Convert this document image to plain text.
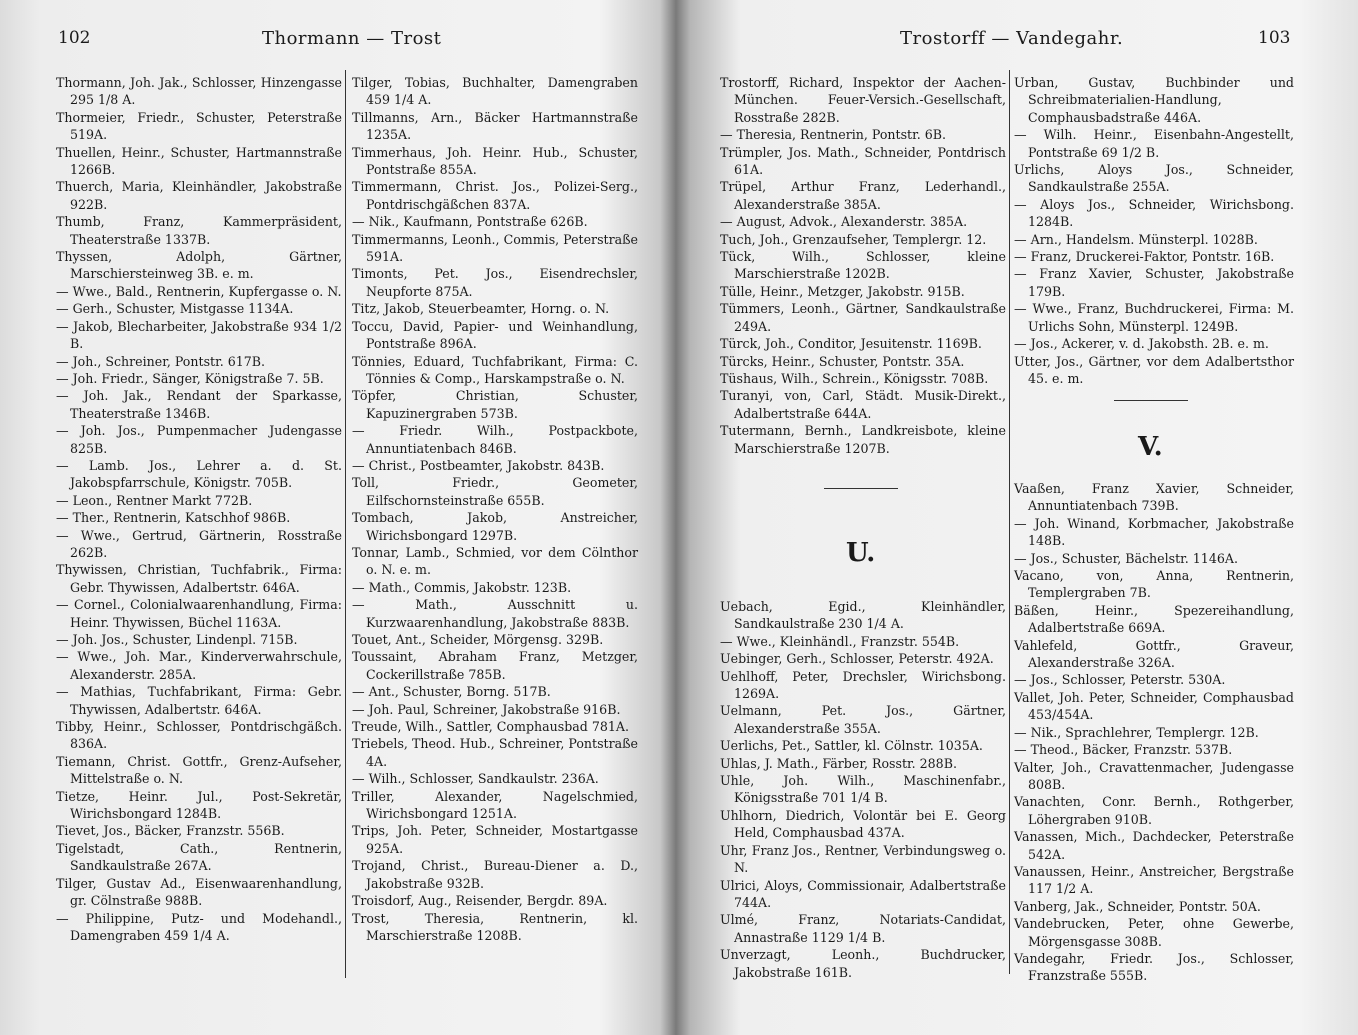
102	Thormann — Trost

Thormann, Joh. Jak., Schlosser, Hinzengasse 295 1/8 A.

Thormeier, Friedr., Schuster, Peterstraße 519A.

Thuellen, Heinr., Schuster, Hartmannstraße 1266B.

Thuerch, Maria, Kleinhändler, Jakobstraße 922B.

Thumb, Franz, Kammerpräsident, Theaterstraße 1337B.

Thyssen, Adolph, Gärtner, Marschiersteinweg 3B. e. m.

— Wwe., Bald., Rentnerin, Kupfergasse o. N.

— Gerh., Schuster, Mistgasse 1134A.

— Jakob, Blecharbeiter, Jakobstraße 934 1/2 B.

— Joh., Schreiner, Pontstr. 617B.

— Joh. Friedr., Sänger, Königstraße 7. 5B.

— Joh. Jak., Rendant der Sparkasse, Theaterstraße 1346B.

— Joh. Jos., Pumpenmacher Judengasse 825B.

— Lamb. Jos., Lehrer a. d. St. Jakobspfarrschule, Königstr. 705B.

— Leon., Rentner Markt 772B.

— Ther., Rentnerin, Katschhof 986B.

— Wwe., Gertrud, Gärtnerin, Rosstraße 262B.

Thywissen, Christian, Tuchfabrik., Firma: Gebr. Thywissen, Adalbertstr. 646A.

— Cornel., Colonialwaarenhandlung, Firma: Heinr. Thywissen, Büchel 1163A.

— Joh. Jos., Schuster, Lindenpl. 715B.

— Wwe., Joh. Mar., Kinderverwahrschule, Alexanderstr. 285A.

— Mathias, Tuchfabrikant, Firma: Gebr. Thywissen, Adalbertstr. 646A.

Tibby, Heinr., Schlosser, Pontdrischgäßch. 836A.

Tiemann, Christ. Gottfr., Grenz-Aufseher, Mittelstraße o. N.

Tietze, Heinr. Jul., Post-Sekretär, Wirichsbongard 1284B.

Tievet, Jos., Bäcker, Franzstr. 556B.

Tigelstadt, Cath., Rentnerin, Sandkaulstraße 267A.

Tilger, Gustav Ad., Eisenwaarenhandlung, gr. Cölnstraße 988B.

— Philippine, Putz- und Modehandl., Damengraben 459 1/4 A.

Tilger, Tobias, Buchhalter, Damengraben 459 1/4 A.

Tillmanns, Arn., Bäcker Hartmannstraße 1235A.

Timmerhaus, Joh. Heinr. Hub., Schuster, Pontstraße 855A.

Timmermann, Christ. Jos., Polizei-Serg., Pontdrischgäßchen 837A.

— Nik., Kaufmann, Pontstraße 626B.

Timmermanns, Leonh., Commis, Peterstraße 591A.

Timonts, Pet. Jos., Eisendrechsler, Neupforte 875A.

Titz, Jakob, Steuerbeamter, Horng. o. N.

Toccu, David, Papier- und Weinhandlung, Pontstraße 896A.

Tönnies, Eduard, Tuchfabrikant, Firma: C. Tönnies & Comp., Harskampstraße o. N.

Töpfer, Christian, Schuster, Kapuzinergraben 573B.

— Friedr. Wilh., Postpackbote, Annuntiatenbach 846B.

— Christ., Postbeamter, Jakobstr. 843B.

Toll, Friedr., Geometer, Eilfschornsteinstraße 655B.

Tombach, Jakob, Anstreicher, Wirichsbongard 1297B.

Tonnar, Lamb., Schmied, vor dem Cölnthor o. N. e. m.

— Math., Commis, Jakobstr. 123B.

— Math., Ausschnitt u. Kurzwaarenhandlung, Jakobstraße 883B.

Touet, Ant., Scheider, Mörgensg. 329B.

Toussaint, Abraham Franz, Metzger, Cockerillstraße 785B.

— Ant., Schuster, Borng. 517B.

— Joh. Paul, Schreiner, Jakobstraße 916B.

Treude, Wilh., Sattler, Comphausbad 781A.

Triebels, Theod. Hub., Schreiner, Pontstraße 4A.

— Wilh., Schlosser, Sandkaulstr. 236A.

Triller, Alexander, Nagelschmied, Wirichsbongard 1251A.

Trips, Joh. Peter, Schneider, Mostartgasse 925A.

Trojand, Christ., Bureau-Diener a. D., Jakobstraße 932B.

Troisdorf, Aug., Reisender, Bergdr. 89A.

Trost, Theresia, Rentnerin, kl. Marschierstraße 1208B.

Trostorff — Vandegahr.	103

Trostorff, Richard, Inspektor der Aachen-München. Feuer-Versich.-Gesellschaft, Rosstraße 282B.

— Theresia, Rentnerin, Pontstr. 6B.

Trümpler, Jos. Math., Schneider, Pontdrisch 61A.

Trüpel, Arthur Franz, Lederhandl., Alexanderstraße 385A.

— August, Advok., Alexanderstr. 385A.

Tuch, Joh., Grenzaufseher, Templergr. 12.

Tück, Wilh., Schlosser, kleine Marschierstraße 1202B.

Tülle, Heinr., Metzger, Jakobstr. 915B.

Tümmers, Leonh., Gärtner, Sandkaulstraße 249A.

Türck, Joh., Conditor, Jesuitenstr. 1169B.

Türcks, Heinr., Schuster, Pontstr. 35A.

Tüshaus, Wilh., Schrein., Königsstr. 708B.

Turanyi, von, Carl, Städt. Musik-Direkt., Adalbertstraße 644A.

Tutermann, Bernh., Landkreisbote, kleine Marschierstraße 1207B.

U.

Uebach, Egid., Kleinhändler, Sandkaulstraße 230 1/4 A.

— Wwe., Kleinhändl., Franzstr. 554B.

Uebinger, Gerh., Schlosser, Peterstr. 492A.

Uehlhoff, Peter, Drechsler, Wirichsbong. 1269A.

Uelmann, Pet. Jos., Gärtner, Alexanderstraße 355A.

Uerlichs, Pet., Sattler, kl. Cölnstr. 1035A.

Uhlas, J. Math., Färber, Rosstr. 288B.

Uhle, Joh. Wilh., Maschinenfabr., Königsstraße 701 1/4 B.

Uhlhorn, Diedrich, Volontär bei E. Georg Held, Comphausbad 437A.

Uhr, Franz Jos., Rentner, Verbindungsweg o. N.

Ulrici, Aloys, Commissionair, Adalbertstraße 744A.

Ulmé, Franz, Notariats-Candidat, Annastraße 1129 1/4 B.

Unverzagt, Leonh., Buchdrucker, Jakobstraße 161B.

Urban, Gustav, Buchbinder und Schreibmaterialien-Handlung, Comphausbadstraße 446A.

— Wilh. Heinr., Eisenbahn-Angestellt, Pontstraße 69 1/2 B.

Urlichs, Aloys Jos., Schneider, Sandkaulstraße 255A.

— Aloys Jos., Schneider, Wirichsbong. 1284B.

— Arn., Handelsm. Münsterpl. 1028B.

— Franz, Druckerei-Faktor, Pontstr. 16B.

— Franz Xavier, Schuster, Jakobstraße 179B.

— Wwe., Franz, Buchdruckerei, Firma: M. Urlichs Sohn, Münsterpl. 1249B.

— Jos., Ackerer, v. d. Jakobsth. 2B. e. m.

Utter, Jos., Gärtner, vor dem Adalbertsthor 45. e. m.

V.

Vaaßen, Franz Xavier, Schneider, Annuntiatenbach 739B.

— Joh. Winand, Korbmacher, Jakobstraße 148B.

— Jos., Schuster, Bächelstr. 1146A.

Vacano, von, Anna, Rentnerin, Templergraben 7B.

Bäßen, Heinr., Spezereihandlung, Adalbertstraße 669A.

Vahlefeld, Gottfr., Graveur, Alexanderstraße 326A.

— Jos., Schlosser, Peterstr. 530A.

Vallet, Joh. Peter, Schneider, Comphausbad 453/454A.

— Nik., Sprachlehrer, Templergr. 12B.

— Theod., Bäcker, Franzstr. 537B.

Valter, Joh., Cravattenmacher, Judengasse 808B.

Vanachten, Conr. Bernh., Rothgerber, Löhergraben 910B.

Vanassen, Mich., Dachdecker, Peterstraße 542A.

Vanaussen, Heinr., Anstreicher, Bergstraße 117 1/2 A.

Vanberg, Jak., Schneider, Pontstr. 50A.

Vandebrucken, Peter, ohne Gewerbe, Mörgensgasse 308B.

Vandegahr, Friedr. Jos., Schlosser, Franzstraße 555B.
